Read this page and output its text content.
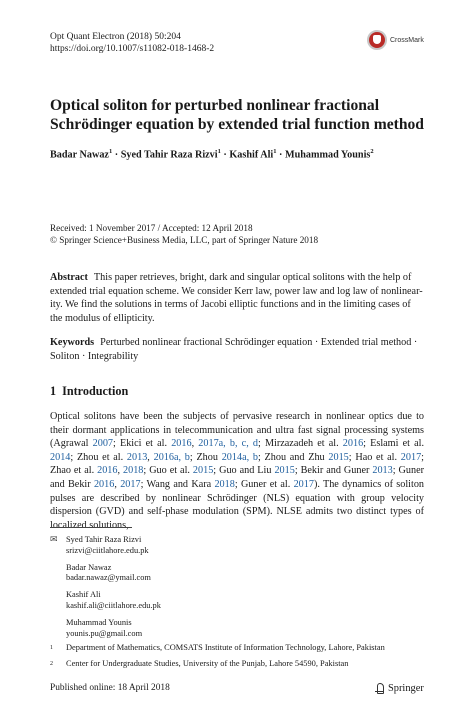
Opt Quant Electron (2018) 50:204
https://doi.org/10.1007/s11082-018-1468-2
CrossMark
Optical soliton for perturbed nonlinear fractional
Schrödinger equation by extended trial function method
Badar Nawaz$^1$ · Syed Tahir Raza Rizvi$^1$ · Kashif Ali$^1$ · Muhammad Younis$^2$
Received: 1 November 2017 / Accepted: 12 April 2018
© Springer Science+Business Media, LLC, part of Springer Nature 2018
Abstract This paper retrieves, bright, dark and singular optical solitons with the help of
extended trial equation scheme. We consider Kerr law, power law and log law of nonlinear-
ity. We find the solutions in terms of Jacobi elliptic functions and in the limiting cases of
the modulus of ellipticity.
Keywords Perturbed nonlinear fractional Schrödinger equation · Extended trial method ·
Soliton · Integrability
1 Introduction
Optical solitons have been the subjects of pervasive research in nonlinear optics due to their dormant applications in telecommunication and ultra fast signal processing systems (Agrawal 2007; Ekici et al. 2016, 2017a, b, c, d; Mirzazadeh et al. 2016; Eslami et al. 2014; Zhou et al. 2013, 2016a, b; Zhou 2014a, b; Zhou and Zhu 2015; Hao et al. 2017; Zhao et al. 2016, 2018; Guo et al. 2015; Guo and Liu 2015; Bekir and Guner 2013; Guner and Bekir 2016, 2017; Wang and Kara 2018; Guner et al. 2017). The dynamics of soliton pulses are described by nonlinear Schrödinger (NLS) equation with group velocity dispersion (GVD) and self-phase modulation (SPM). NLSE admits two distinct types of localized solutions,
✉ Syed Tahir Raza Rizvi
srizvi@ciitlahore.edu.pk
Badar Nawaz
badar.nawaz@ymail.com
Kashif Ali
kashif.ali@ciitlahore.edu.pk
Muhammad Younis
younis.pu@gmail.com
1	Department of Mathematics, COMSATS Institute of Information Technology, Lahore, Pakistan
2	Center for Undergraduate Studies, University of the Punjab, Lahore 54590, Pakistan
Published online: 18 April 2018	Springer
